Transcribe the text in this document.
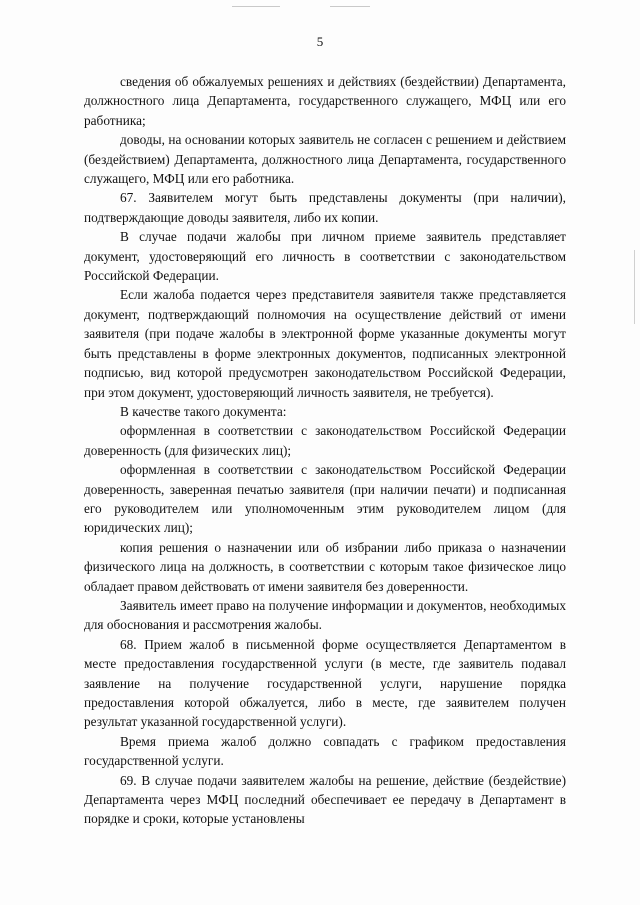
5

сведения об обжалуемых решениях и действиях (бездействии) Департамента, должностного лица Департамента, государственного служащего, МФЦ или его работника;

доводы, на основании которых заявитель не согласен с решением и действием (бездействием) Департамента, должностного лица Департамента, государственного служащего, МФЦ или его работника.

67. Заявителем могут быть представлены документы (при наличии), подтверждающие доводы заявителя, либо их копии.

В случае подачи жалобы при личном приеме заявитель представляет документ, удостоверяющий его личность в соответствии с законодательством Российской Федерации.

Если жалоба подается через представителя заявителя также представляется документ, подтверждающий полномочия на осуществление действий от имени заявителя (при подаче жалобы в электронной форме указанные документы могут быть представлены в форме электронных документов, подписанных электронной подписью, вид которой предусмотрен законодательством Российской Федерации, при этом документ, удостоверяющий личность заявителя, не требуется).

В качестве такого документа:

оформленная в соответствии с законодательством Российской Федерации доверенность (для физических лиц);

оформленная в соответствии с законодательством Российской Федерации доверенность, заверенная печатью заявителя (при наличии печати) и подписанная его руководителем или уполномоченным этим руководителем лицом (для юридических лиц);

копия решения о назначении или об избрании либо приказа о назначении физического лица на должность, в соответствии с которым такое физическое лицо обладает правом действовать от имени заявителя без доверенности.

Заявитель имеет право на получение информации и документов, необходимых для обоснования и рассмотрения жалобы.

68. Прием жалоб в письменной форме осуществляется Департаментом в месте предоставления государственной услуги (в месте, где заявитель подавал заявление на получение государственной услуги, нарушение порядка предоставления которой обжалуется, либо в месте, где заявителем получен результат указанной государственной услуги).

Время приема жалоб должно совпадать с графиком предоставления государственной услуги.

69. В случае подачи заявителем жалобы на решение, действие (бездействие) Департамента через МФЦ последний обеспечивает ее передачу в Департамент в порядке и сроки, которые установлены
